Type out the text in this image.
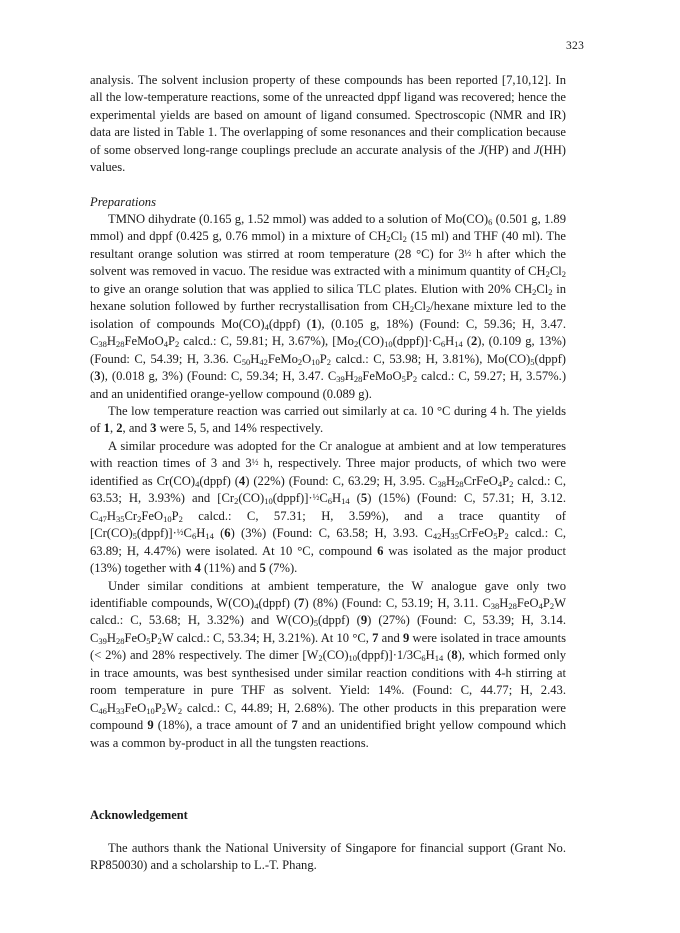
323

analysis. The solvent inclusion property of these compounds has been reported [7,10,12]. In all the low-temperature reactions, some of the unreacted dppf ligand was recovered; hence the experimental yields are based on amount of ligand consumed. Spectroscopic (NMR and IR) data are listed in Table 1. The overlapping of some resonances and their complication because of some observed long-range couplings preclude an accurate analysis of the J(HP) and J(HH) values.

Preparations

TMNO dihydrate (0.165 g, 1.52 mmol) was added to a solution of $Mo(CO)_6$ (0.501 g, 1.89 mmol) and dppf (0.425 g, 0.76 mmol) in a mixture of $CH_2Cl_2$ (15 ml) and THF (40 ml). The resultant orange solution was stirred at room temperature (28 °C) for 3½ h after which the solvent was removed in vacuo. The residue was extracted with a minimum quantity of $CH_2Cl_2$ to give an orange solution that was applied to silica TLC plates. Elution with 20% $CH_2Cl_2$ in hexane solution followed by further recrystallisation from $CH_2Cl_2$/hexane mixture led to the isolation of compounds $Mo(CO)_4(dppf)$ (1), (0.105 g, 18%) (Found: C, 59.36; H, 3.47. $C_{38}H_{28}FeMoO_4P_2$ calcd.: C, 59.81; H, 3.67%), $[Mo_2(CO)_{10}(dppf)]\cdot C_6H_{14}$ (2), (0.109 g, 13%) (Found: C, 54.39; H, 3.36. $C_{50}H_{42}FeMo_2O_{10}P_2$ calcd.: C, 53.98; H, 3.81%), $Mo(CO)_5(dppf)$ (3), (0.018 g, 3%) (Found: C, 59.34; H, 3.47. $C_{39}H_{28}FeMoO_5P_2$ calcd.: C, 59.27; H, 3.57%.) and an unidentified orange-yellow compound (0.089 g).

The low temperature reaction was carried out similarly at ca. 10 °C during 4 h. The yields of 1, 2, and 3 were 5, 5, and 14% respectively.

A similar procedure was adopted for the Cr analogue at ambient and at low temperatures with reaction times of 3 and 3½ h, respectively. Three major products, of which two were identified as $Cr(CO)_4(dppf)$ (4) (22%) (Found: C, 63.29; H, 3.95. $C_{38}H_{28}CrFeO_4P_2$ calcd.: C, 63.53; H, 3.93%) and $[Cr_2(CO)_{10}(dppf)]\cdot\frac{1}{2}C_6H_{14}$ (5) (15%) (Found: C, 57.31; H, 3.12. $C_{47}H_{35}Cr_2FeO_{10}P_2$ calcd.: C, 57.31; H, 3.59%), and a trace quantity of $[Cr(CO)_5(dppf)]\cdot\frac{1}{2}C_6H_{14}$ (6) (3%) (Found: C, 63.58; H, 3.93. $C_{42}H_{35}CrFeO_5P_2$ calcd.: C, 63.89; H, 4.47%) were isolated. At 10 °C, compound 6 was isolated as the major product (13%) together with 4 (11%) and 5 (7%).

Under similar conditions at ambient temperature, the W analogue gave only two identifiable compounds, $W(CO)_4(dppf)$ (7) (8%) (Found: C, 53.19; H, 3.11. $C_{38}H_{28}FeO_4P_2W$ calcd.: C, 53.68; H, 3.32%) and $W(CO)_5(dppf)$ (9) (27%) (Found: C, 53.39; H, 3.14. $C_{39}H_{28}FeO_5P_2W$ calcd.: C, 53.34; H, 3.21%). At 10 °C, 7 and 9 were isolated in trace amounts (< 2%) and 28% respectively. The dimer $[W_2(CO)_{10}(dppf)]\cdot 1/3C_6H_{14}$ (8), which formed only in trace amounts, was best synthesised under similar reaction conditions with 4-h stirring at room temperature in pure THF as solvent. Yield: 14%. (Found: C, 44.77; H, 2.43. $C_{46}H_{33}FeO_{10}P_2W_2$ calcd.: C, 44.89; H, 2.68%). The other products in this preparation were compound 9 (18%), a trace amount of 7 and an unidentified bright yellow compound which was a common by-product in all the tungsten reactions.

Acknowledgement

The authors thank the National University of Singapore for financial support (Grant No. RP850030) and a scholarship to L.-T. Phang.
